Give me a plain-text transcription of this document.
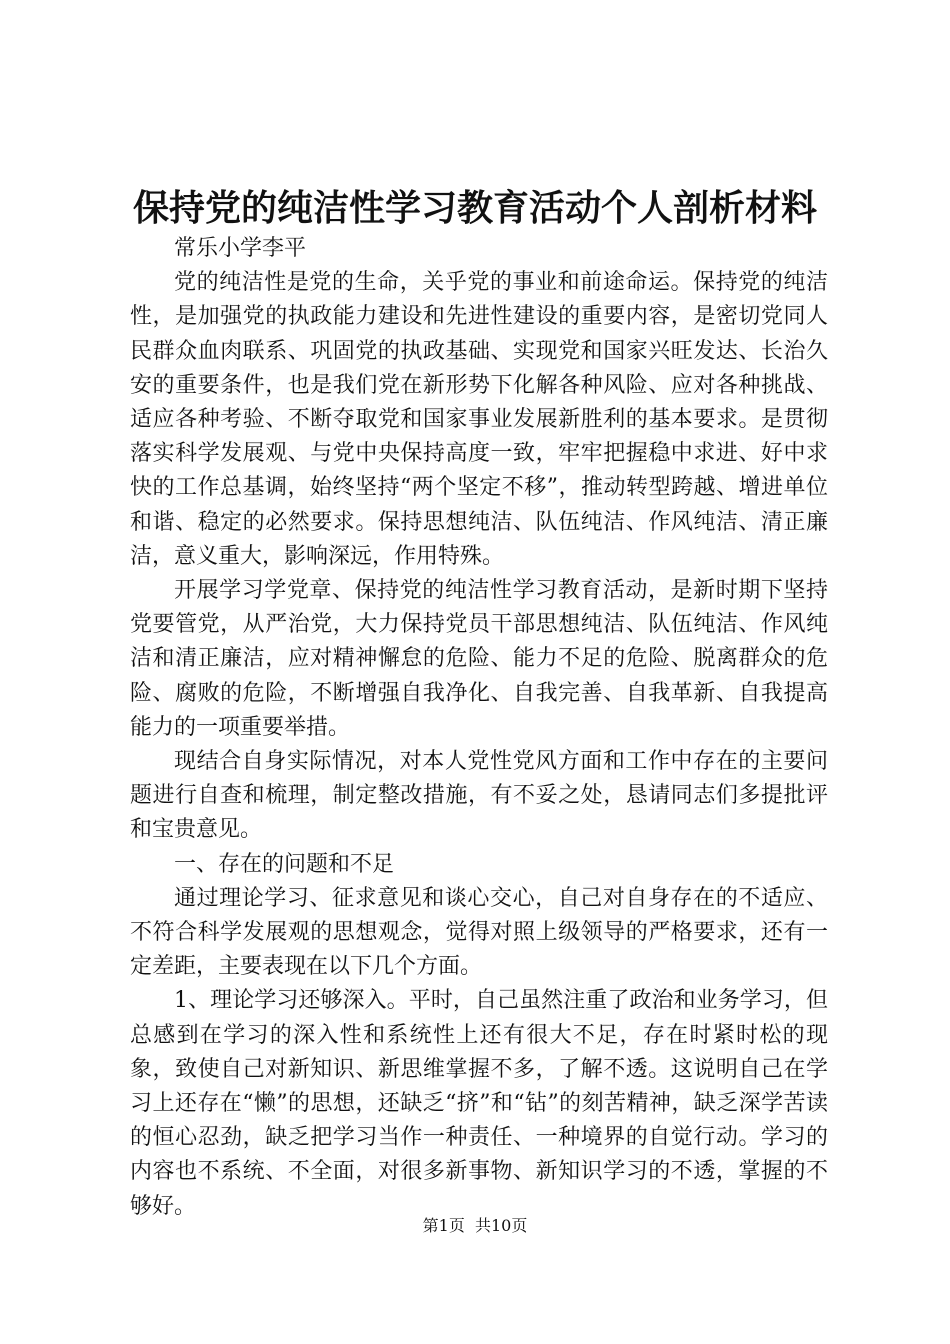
保持党的纯洁性学习教育活动个人剖析材料

常乐小学李平

党的纯洁性是党的生命，关乎党的事业和前途命运。保持党的纯洁性，是加强党的执政能力建设和先进性建设的重要内容，是密切党同人民群众血肉联系、巩固党的执政基础、实现党和国家兴旺发达、长治久安的重要条件，也是我们党在新形势下化解各种风险、应对各种挑战、适应各种考验、不断夺取党和国家事业发展新胜利的基本要求。是贯彻落实科学发展观、与党中央保持高度一致，牢牢把握稳中求进、好中求快的工作总基调，始终坚持“两个坚定不移”，推动转型跨越、增进单位和谐、稳定的必然要求。保持思想纯洁、队伍纯洁、作风纯洁、清正廉洁，意义重大，影响深远，作用特殊。

开展学习学党章、保持党的纯洁性学习教育活动，是新时期下坚持党要管党，从严治党，大力保持党员干部思想纯洁、队伍纯洁、作风纯洁和清正廉洁，应对精神懈怠的危险、能力不足的危险、脱离群众的危险、腐败的危险，不断增强自我净化、自我完善、自我革新、自我提高能力的一项重要举措。

现结合自身实际情况，对本人党性党风方面和工作中存在的主要问题进行自查和梳理，制定整改措施，有不妥之处，恳请同志们多提批评和宝贵意见。

一、存在的问题和不足

通过理论学习、征求意见和谈心交心，自己对自身存在的不适应、不符合科学发展观的思想观念，觉得对照上级领导的严格要求，还有一定差距，主要表现在以下几个方面。

1、理论学习还够深入。平时，自己虽然注重了政治和业务学习，但总感到在学习的深入性和系统性上还有很大不足，存在时紧时松的现象，致使自己对新知识、新思维掌握不多，了解不透。这说明自己在学习上还存在“懒”的思想，还缺乏“挤”和“钻”的刻苦精神，缺乏深学苦读的恒心忍劲，缺乏把学习当作一种责任、一种境界的自觉行动。学习的内容也不系统、不全面，对很多新事物、新知识学习的不透，掌握的不够好。

第1页  共10页
